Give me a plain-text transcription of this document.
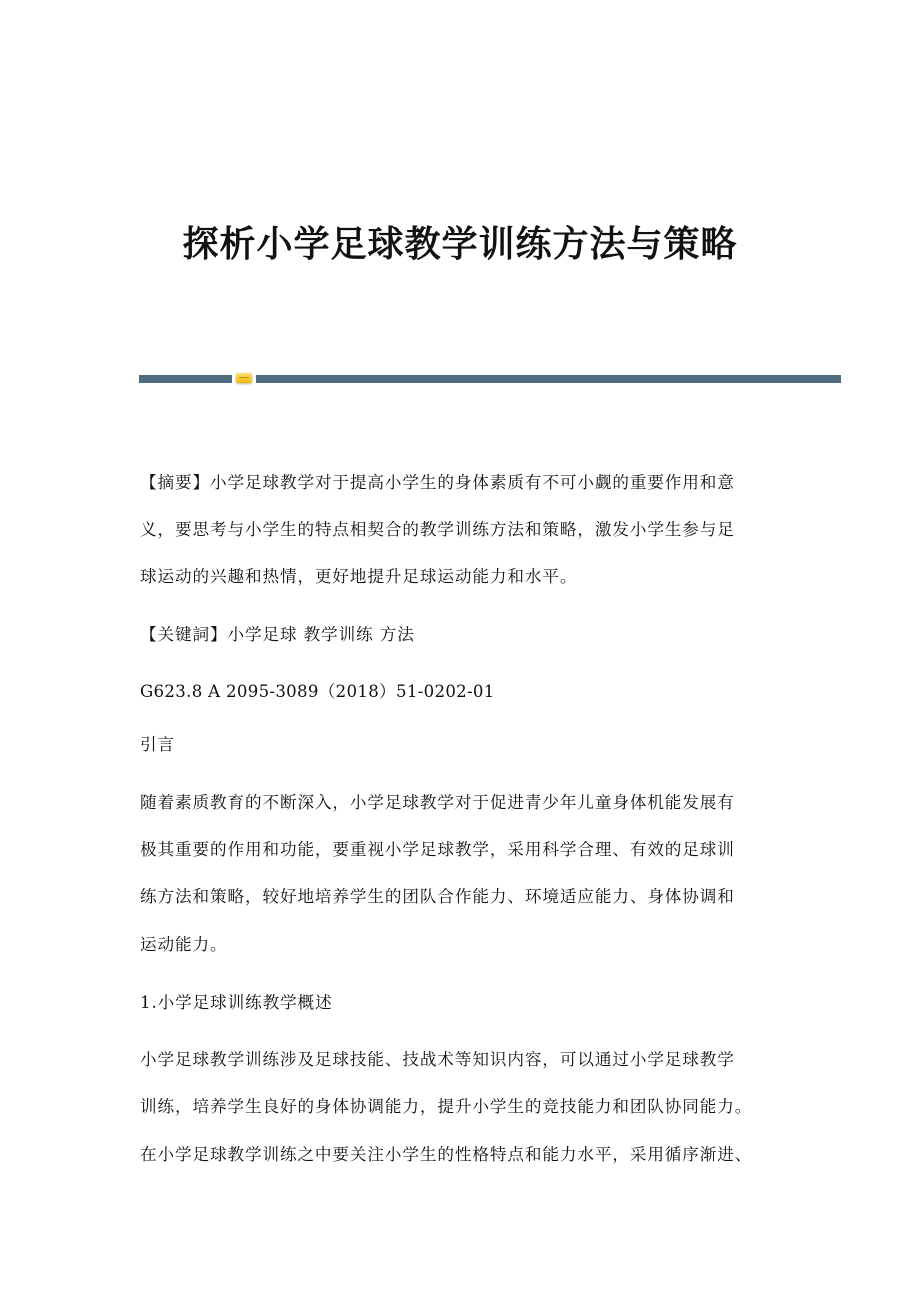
探析小学足球教学训练方法与策略
【摘要】小学足球教学对于提高小学生的身体素质有不可小觑的重要作用和意
义，要思考与小学生的特点相契合的教学训练方法和策略，激发小学生参与足
球运动的兴趣和热情，更好地提升足球运动能力和水平。
【关键詞】小学足球 教学训练 方法
G623.8 A 2095-3089（2018）51-0202-01
引言
随着素质教育的不断深入，小学足球教学对于促进青少年儿童身体机能发展有
极其重要的作用和功能，要重视小学足球教学，采用科学合理、有效的足球训
练方法和策略，较好地培养学生的团队合作能力、环境适应能力、身体协调和
运动能力。
1.小学足球训练教学概述
小学足球教学训练涉及足球技能、技战术等知识内容，可以通过小学足球教学
训练，培养学生良好的身体协调能力，提升小学生的竞技能力和团队协同能力。
在小学足球教学训练之中要关注小学生的性格特点和能力水平，采用循序渐进、
